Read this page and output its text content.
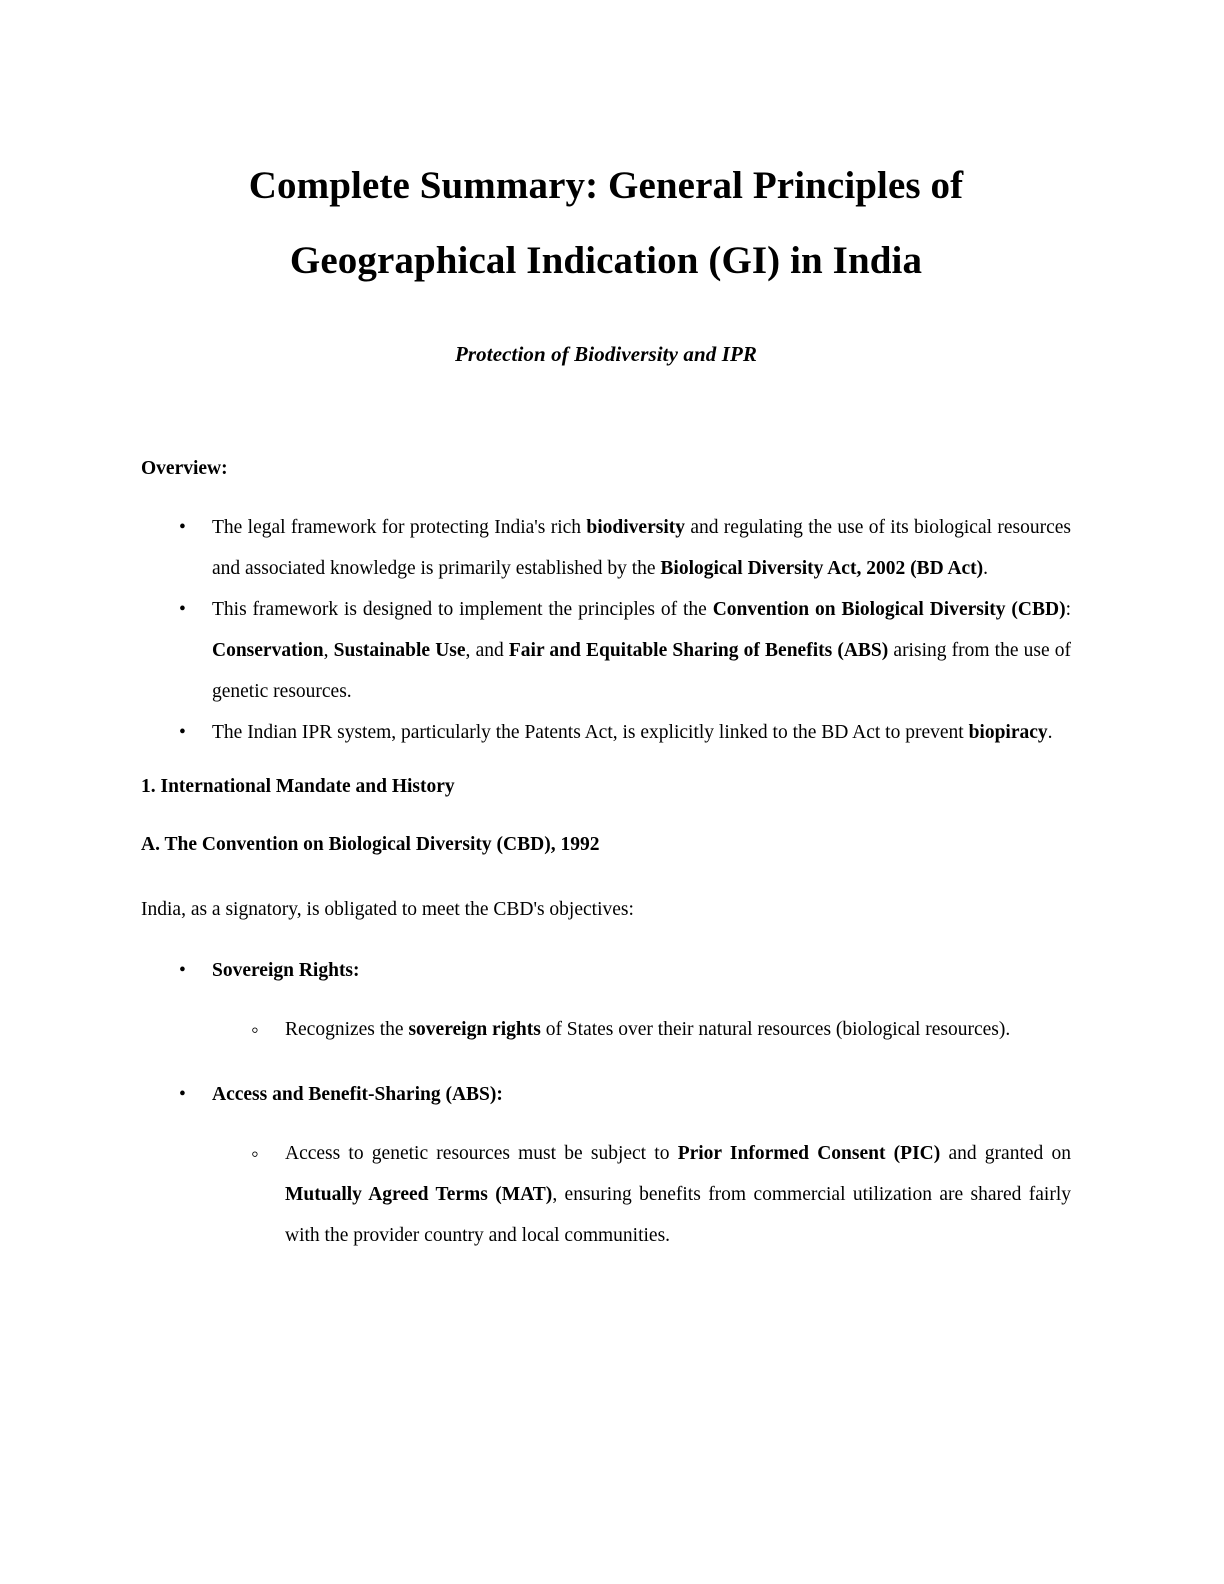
Complete Summary: General Principles of
Geographical Indication (GI) in India
Protection of Biodiversity and IPR
Overview:
• The legal framework for protecting India's rich biodiversity and regulating the use of its biological resources and associated knowledge is primarily established by the Biological Diversity Act, 2002 (BD Act).
• This framework is designed to implement the principles of the Convention on Biological Diversity (CBD): Conservation, Sustainable Use, and Fair and Equitable Sharing of Benefits (ABS) arising from the use of genetic resources.
• The Indian IPR system, particularly the Patents Act, is explicitly linked to the BD Act to prevent biopiracy.
1. International Mandate and History
A. The Convention on Biological Diversity (CBD), 1992

India, as a signatory, is obligated to meet the CBD's objectives:

• Sovereign Rights:
◦ Recognizes the sovereign rights of States over their natural resources (biological resources).
• Access and Benefit-Sharing (ABS):
◦ Access to genetic resources must be subject to Prior Informed Consent (PIC) and granted on Mutually Agreed Terms (MAT), ensuring benefits from commercial utilization are shared fairly with the provider country and local communities.
